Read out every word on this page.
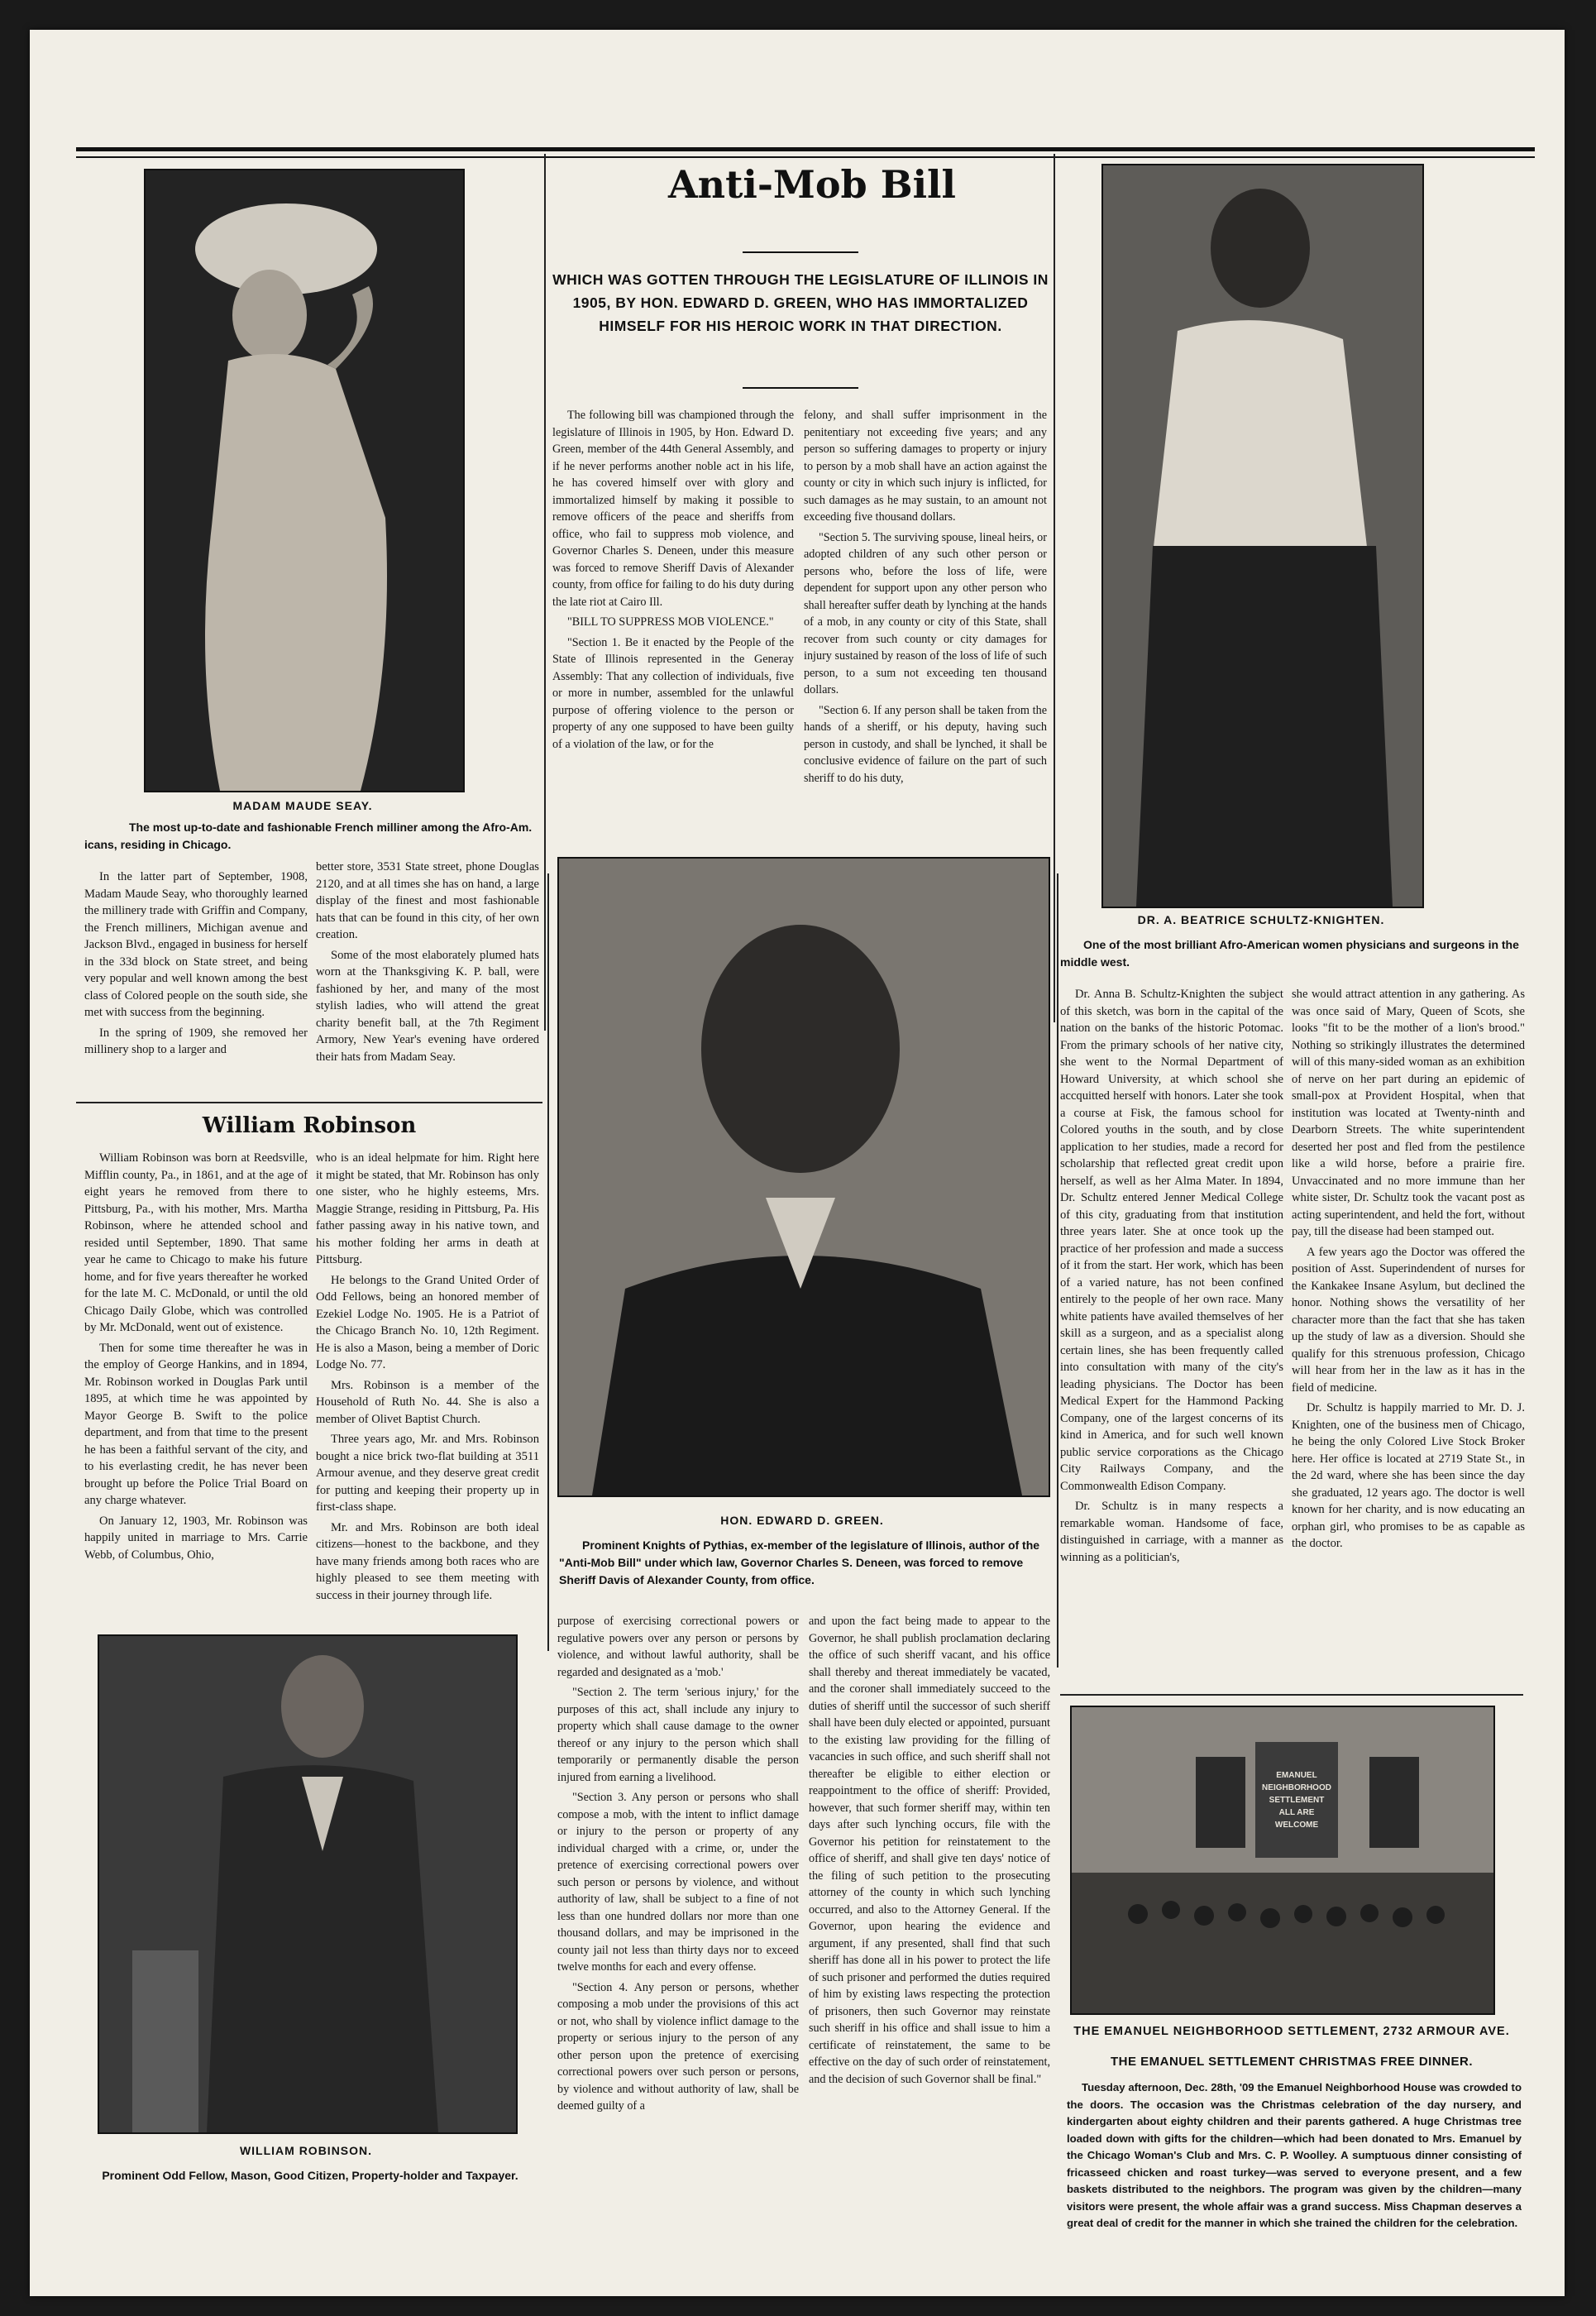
MADAM MAUDE SEAY.
The most up-to-date and fashionable French milliner among the Afro-Am. icans, residing in Chicago.

In the latter part of September, 1908, Madam Maude Seay, who thoroughly learned the millinery trade with Griffin and Company, the French milliners, Michigan avenue and Jackson Blvd., engaged in business for herself in the 33d block on State street, and being very popular and well known among the best class of Colored people on the south side, she met with success from the beginning.

In the spring of 1909, she removed her millinery shop to a larger and

better store, 3531 State street, phone Douglas 2120, and at all times she has on hand, a large display of the finest and most fashionable hats that can be found in this city, of her own creation.

Some of the most elaborately plumed hats worn at the Thanksgiving K. P. ball, were fashioned by her, and many of the most stylish ladies, who will attend the great charity benefit ball, at the 7th Regiment Armory, New Year's evening have ordered their hats from Madam Seay.

William Robinson

William Robinson was born at Reedsville, Mifflin county, Pa., in 1861, and at the age of eight years he removed from there to Pittsburg, Pa., with his mother, Mrs. Martha Robinson, where he attended school and resided until September, 1890. That same year he came to Chicago to make his future home, and for five years thereafter he worked for the late M. C. McDonald, or until the old Chicago Daily Globe, which was controlled by Mr. McDonald, went out of existence.

Then for some time thereafter he was in the employ of George Hankins, and in 1894, Mr. Robinson worked in Douglas Park until 1895, at which time he was appointed by Mayor George B. Swift to the police department, and from that time to the present he has been a faithful servant of the city, and to his everlasting credit, he has never been brought up before the Police Trial Board on any charge whatever.

On January 12, 1903, Mr. Robinson was happily united in marriage to Mrs. Carrie Webb, of Columbus, Ohio,

who is an ideal helpmate for him. Right here it might be stated, that Mr. Robinson has only one sister, who he highly esteems, Mrs. Maggie Strange, residing in Pittsburg, Pa. His father passing away in his native town, and his mother folding her arms in death at Pittsburg.

He belongs to the Grand United Order of Odd Fellows, being an honored member of Ezekiel Lodge No. 1905. He is a Patriot of the Chicago Branch No. 10, 12th Regiment. He is also a Mason, being a member of Doric Lodge No. 77.

Mrs. Robinson is a member of the Household of Ruth No. 44. She is also a member of Olivet Baptist Church.

Three years ago, Mr. and Mrs. Robinson bought a nice brick two-flat building at 3511 Armour avenue, and they deserve great credit for putting and keeping their property up in first-class shape.

Mr. and Mrs. Robinson are both ideal citizens—honest to the backbone, and they have many friends among both races who are highly pleased to see them meeting with success in their journey through life.

WILLIAM ROBINSON.
Prominent Odd Fellow, Mason, Good Citizen, Property-holder and Taxpayer.
Anti-Mob Bill
WHICH WAS GOTTEN THROUGH THE LEGISLATURE OF ILLINOIS IN 1905, BY HON. EDWARD D. GREEN, WHO HAS IMMORTALIZED HIMSELF FOR HIS HEROIC WORK IN THAT DIRECTION.

The following bill was championed through the legislature of Illinois in 1905, by Hon. Edward D. Green, member of the 44th General Assembly, and if he never performs another noble act in his life, he has covered himself over with glory and immortalized himself by making it possible to remove officers of the peace and sheriffs from office, who fail to suppress mob violence, and Governor Charles S. Deneen, under this measure was forced to remove Sheriff Davis of Alexander county, from office for failing to do his duty during the late riot at Cairo Ill.

"BILL TO SUPPRESS MOB VIOLENCE."

"Section 1. Be it enacted by the People of the State of Illinois represented in the Generay Assembly: That any collection of individuals, five or more in number, assembled for the unlawful purpose of offering violence to the person or property of any one supposed to have been guilty of a violation of the law, or for the

felony, and shall suffer imprisonment in the penitentiary not exceeding five years; and any person so suffering damages to property or injury to person by a mob shall have an action against the county or city in which such injury is inflicted, for such damages as he may sustain, to an amount not exceeding five thousand dollars.

"Section 5. The surviving spouse, lineal heirs, or adopted children of any such other person or persons who, before the loss of life, were dependent for support upon any other person who shall hereafter suffer death by lynching at the hands of a mob, in any county or city of this State, shall recover from such county or city damages for injury sustained by reason of the loss of life of such person, to a sum not exceeding ten thousand dollars.

"Section 6. If any person shall be taken from the hands of a sheriff, or his deputy, having such person in custody, and shall be lynched, it shall be conclusive evidence of failure on the part of such sheriff to do his duty,

HON. EDWARD D. GREEN.
Prominent Knights of Pythias, ex-member of the legislature of Illinois, author of the "Anti-Mob Bill" under which law, Governor Charles S. Deneen, was forced to remove Sheriff Davis of Alexander County, from office.

purpose of exercising correctional powers or regulative powers over any person or persons by violence, and without lawful authority, shall be regarded and designated as a 'mob.'

"Section 2. The term 'serious injury,' for the purposes of this act, shall include any injury to property which shall cause damage to the owner thereof or any injury to the person which shall temporarily or permanently disable the person injured from earning a livelihood.

"Section 3. Any person or persons who shall compose a mob, with the intent to inflict damage or injury to the person or property of any individual charged with a crime, or, under the pretence of exercising correctional powers over such person or persons by violence, and without authority of law, shall be subject to a fine of not less than one hundred dollars nor more than one thousand dollars, and may be imprisoned in the county jail not less than thirty days nor to exceed twelve months for each and every offense.

"Section 4. Any person or persons, whether composing a mob under the provisions of this act or not, who shall by violence inflict damage to the property or serious injury to the person of any other person upon the pretence of exercising correctional powers over such person or persons, by violence and without authority of law, shall be deemed guilty of a

and upon the fact being made to appear to the Governor, he shall publish proclamation declaring the office of such sheriff vacant, and his office shall thereby and thereat immediately be vacated, and the coroner shall immediately succeed to the duties of sheriff until the successor of such sheriff shall have been duly elected or appointed, pursuant to the existing law providing for the filling of vacancies in such office, and such sheriff shall not thereafter be eligible to either election or reappointment to the office of sheriff: Provided, however, that such former sheriff may, within ten days after such lynching occurs, file with the Governor his petition for reinstatement to the office of sheriff, and shall give ten days' notice of the filing of such petition to the prosecuting attorney of the county in which such lynching occurred, and also to the Attorney General. If the Governor, upon hearing the evidence and argument, if any presented, shall find that such sheriff has done all in his power to protect the life of such prisoner and performed the duties required of him by existing laws respecting the protection of prisoners, then such Governor may reinstate such sheriff in his office and shall issue to him a certificate of reinstatement, the same to be effective on the day of such order of reinstatement, and the decision of such Governor shall be final."

DR. A. BEATRICE SCHULTZ-KNIGHTEN.
One of the most brilliant Afro-American women physicians and surgeons in the middle west.

Dr. Anna B. Schultz-Knighten the subject of this sketch, was born in the capital of the nation on the banks of the historic Potomac. From the primary schools of her native city, she went to the Normal Department of Howard University, at which school she accquitted herself with honors. Later she took a course at Fisk, the famous school for Colored youths in the south, and by close application to her studies, made a record for scholarship that reflected great credit upon herself, as well as her Alma Mater. In 1894, Dr. Schultz entered Jenner Medical College of this city, graduating from that institution three years later. She at once took up the practice of her profession and made a success of it from the start. Her work, which has been of a varied nature, has not been confined entirely to the people of her own race. Many white patients have availed themselves of her skill as a surgeon, and as a specialist along certain lines, she has been frequently called into consultation with many of the city's leading physicians. The Doctor has been Medical Expert for the Hammond Packing Company, one of the largest concerns of its kind in America, and for such well known public service corporations as the Chicago City Railways Company, and the Commonwealth Edison Company.

Dr. Schultz is in many respects a remarkable woman. Handsome of face, distinguished in carriage, with a manner as winning as a politician's,

she would attract attention in any gathering. As was once said of Mary, Queen of Scots, she looks "fit to be the mother of a lion's brood." Nothing so strikingly illustrates the determined will of this many-sided woman as an exhibition of nerve on her part during an epidemic of small-pox at Provident Hospital, when that institution was located at Twenty-ninth and Dearborn Streets. The white superintendent deserted her post and fled from the pestilence like a wild horse, before a prairie fire. Unvaccinated and no more immune than her white sister, Dr. Schultz took the vacant post as acting superintendent, and held the fort, without pay, till the disease had been stamped out.

A few years ago the Doctor was offered the position of Asst. Superindendent of nurses for the Kankakee Insane Asylum, but declined the honor. Nothing shows the versatility of her character more than the fact that she has taken up the study of law as a diversion. Should she qualify for this strenuous profession, Chicago will hear from her in the law as it has in the field of medicine.

Dr. Schultz is happily married to Mr. D. J. Knighten, one of the business men of Chicago, he being the only Colored Live Stock Broker here. Her office is located at 2719 State St., in the 2d ward, where she has been since the day she graduated, 12 years ago. The doctor is well known for her charity, and is now educating an orphan girl, who promises to be as capable as the doctor.

EMANUEL
NEIGHBORHOOD
SETTLEMENT
ALL ARE
WELCOME
THE EMANUEL NEIGHBORHOOD SETTLEMENT, 2732 ARMOUR AVE.
THE EMANUEL SETTLEMENT CHRISTMAS FREE DINNER.

Tuesday afternoon, Dec. 28th, '09 the Emanuel Neighborhood House was crowded to the doors. The occasion was the Christmas celebration of the day nursery, and kindergarten about eighty children and their parents gathered. A huge Christmas tree loaded down with gifts for the children—which had been donated to Mrs. Emanuel by the Chicago Woman's Club and Mrs. C. P. Woolley. A sumptuous dinner consisting of fricasseed chicken and roast turkey—was served to everyone present, and a few baskets distributed to the neighbors. The program was given by the children—many visitors were present, the whole affair was a grand success. Miss Chapman deserves a great deal of credit for the manner in which she trained the children for the celebration.
